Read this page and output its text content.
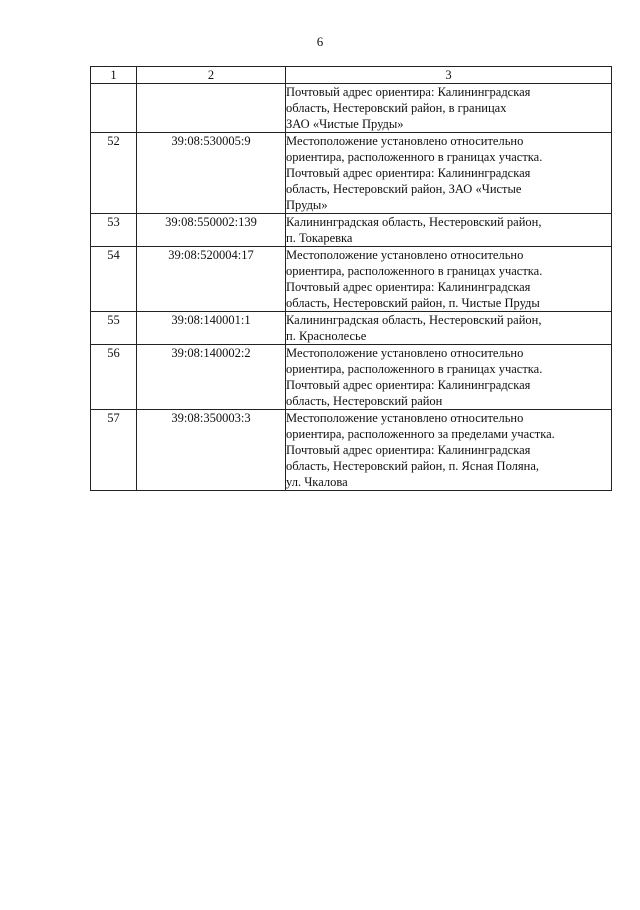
6
1	2	3

		Почтовый адрес ориентира: Калининградская
область, Нестеровский район, в границах
ЗАО «Чистые Пруды»

52	39:08:530005:9	Местоположение установлено относительно
ориентира, расположенного в границах участка.
Почтовый адрес ориентира: Калининградская
область, Нестеровский район, ЗАО «Чистые
Пруды»

53	39:08:550002:139	Калининградская область, Нестеровский район,
п. Токаревка

54	39:08:520004:17	Местоположение установлено относительно
ориентира, расположенного в границах участка.
Почтовый адрес ориентира: Калининградская
область, Нестеровский район, п. Чистые Пруды

55	39:08:140001:1	Калининградская область, Нестеровский район,
п. Краснолесье

56	39:08:140002:2	Местоположение установлено относительно
ориентира, расположенного в границах участка.
Почтовый адрес ориентира: Калининградская
область, Нестеровский район

57	39:08:350003:3	Местоположение установлено относительно
ориентира, расположенного за пределами участка.
Почтовый адрес ориентира: Калининградская
область, Нестеровский район, п. Ясная Поляна,
ул. Чкалова
